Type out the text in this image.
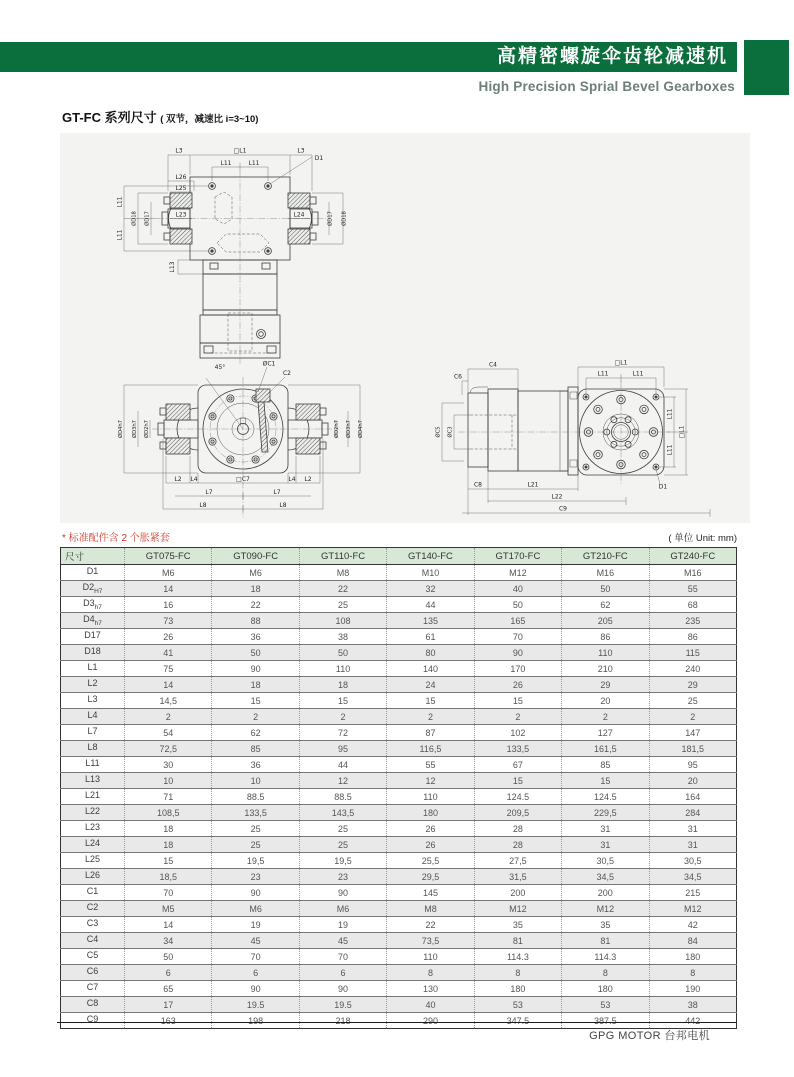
高精密螺旋伞齿轮减速机
High Precision Sprial Bevel Gearboxes
GT-FC 系列尺寸 ( 双节，减速比 i=3~10)
L3	□L1	L3
D1
L11	L11
L26
L25
L11
L11
ØD18 ØD17	L23	L24	ØD17 ØD18
L13
45°	ØC1
C2
ØD4h7 ØD3h7 ØD2h7	ØD2h7 ØD3h7 ØD4h7
L2 L4	□C7	L4 L2
L7	L7
L8	L8
C4
C6
□L1
L11	L11
ØC5 ØC3
L11
□L1
L11
C8	L21
L22
C9
D1
* 标准配件含 2 个胀紧套	( 单位 Unit: mm)
尺寸	GT075-FC	GT090-FC	GT110-FC	GT140-FC	GT170-FC	GT210-FC	GT240-FC
D1	M6	M6	M8	M10	M12	M16	M16
$D2_{H7}$	14	18	22	32	40	50	55
$D3_{h7}$	16	22	25	44	50	62	68
$D4_{h7}$	73	88	108	135	165	205	235
D17	26	36	38	61	70	86	86
D18	41	50	50	80	90	110	115
L1	75	90	110	140	170	210	240
L2	14	18	18	24	26	29	29
L3	14,5	15	15	15	15	20	25
L4	2	2	2	2	2	2	2
L7	54	62	72	87	102	127	147
L8	72,5	85	95	116,5	133,5	161,5	181,5
L11	30	36	44	55	67	85	95
L13	10	10	12	12	15	15	20
L21	71	88.5	88.5	110	124.5	124.5	164
L22	108,5	133,5	143,5	180	209,5	229,5	284
L23	18	25	25	26	28	31	31
L24	18	25	25	26	28	31	31
L25	15	19,5	19,5	25,5	27,5	30,5	30,5
L26	18,5	23	23	29,5	31,5	34,5	34,5
C1	70	90	90	145	200	200	215
C2	M5	M6	M6	M8	M12	M12	M12
C3	14	19	19	22	35	35	42
C4	34	45	45	73,5	81	81	84
C5	50	70	70	110	114.3	114.3	180
C6	6	6	6	8	8	8	8
C7	65	90	90	130	180	180	190
C8	17	19.5	19.5	40	53	53	38
C9	163	198	218	290	347.5	387.5	442
GPG MOTOR 台邦电机
